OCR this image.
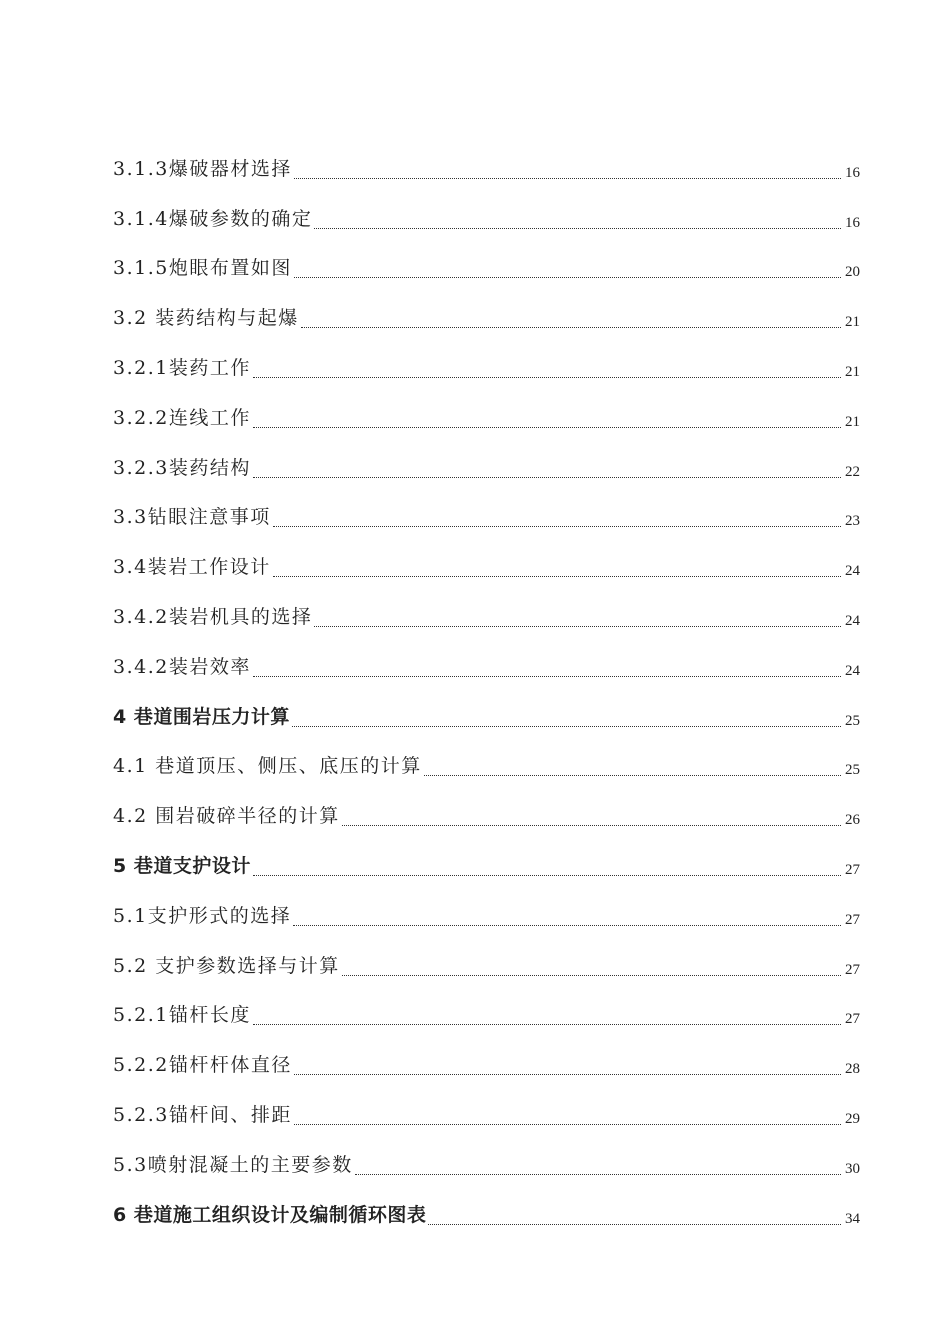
3.1.3爆破器材选择	16
3.1.4爆破参数的确定	16
3.1.5炮眼布置如图	20
3.2 装药结构与起爆	21
3.2.1装药工作	21
3.2.2连线工作	21
3.2.3装药结构	22
3.3钻眼注意事项	23
3.4装岩工作设计	24
3.4.2装岩机具的选择	24
3.4.2装岩效率	24
4 巷道围岩压力计算	25
4.1 巷道顶压、侧压、底压的计算	25
4.2 围岩破碎半径的计算	26
5 巷道支护设计	27
5.1支护形式的选择	27
5.2 支护参数选择与计算	27
5.2.1锚杆长度	27
5.2.2锚杆杆体直径	28
5.2.3锚杆间、排距	29
5.3喷射混凝土的主要参数	30
6 巷道施工组织设计及编制循环图表	34
